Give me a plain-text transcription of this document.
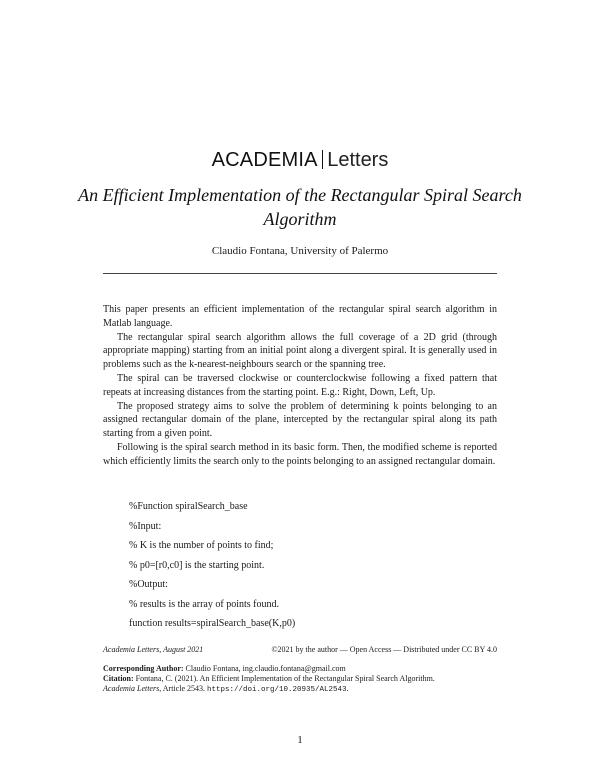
ACADEMIA Letters
An Efficient Implementation of the Rectangular Spiral Search Algorithm
Claudio Fontana, University of Palermo

This paper presents an efficient implementation of the rectangular spiral search algorithm in Matlab language.

The rectangular spiral search algorithm allows the full coverage of a 2D grid (through appropriate mapping) starting from an initial point along a divergent spiral. It is generally used in problems such as the k-nearest-neighbours search or the spanning tree.

The spiral can be traversed clockwise or counterclockwise following a fixed pattern that repeats at increasing distances from the starting point. E.g.: Right, Down, Left, Up.

The proposed strategy aims to solve the problem of determining k points belonging to an assigned rectangular domain of the plane, intercepted by the rectangular spiral along its path starting from a given point.

Following is the spiral search method in its basic form. Then, the modified scheme is reported which efficiently limits the search only to the points belonging to an assigned rectangular domain.

%Function spiralSearch_base
%Input:
% K is the number of points to find;
% p0=[r0,c0] is the starting point.
%Output:
% results is the array of points found.
function results=spiralSearch_base(K,p0)
Academia Letters, August 2021	©2021 by the author — Open Access — Distributed under CC BY 4.0
Corresponding Author: Claudio Fontana, ing.claudio.fontana@gmail.com
Citation: Fontana, C. (2021). An Efficient Implementation of the Rectangular Spiral Search Algorithm.
Academia Letters, Article 2543. https://doi.org/10.20935/AL2543.
1
